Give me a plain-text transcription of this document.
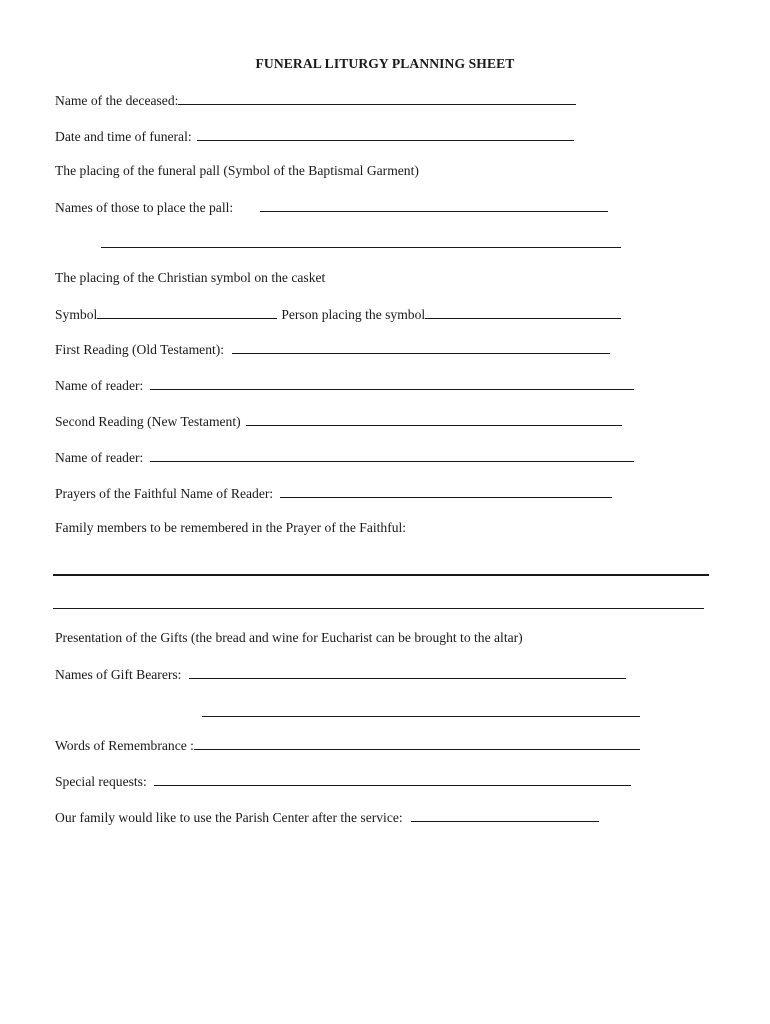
FUNERAL LITURGY PLANNING SHEET
Name of the deceased:
Date and time of funeral:
The placing of the funeral pall (Symbol of the Baptismal Garment)
Names of those to place the pall:
The placing of the Christian symbol on the casket
Symbol	Person placing the symbol
First Reading (Old Testament):
Name of reader:
Second Reading (New Testament)
Name of reader:
Prayers of the Faithful Name of Reader:
Family members to be remembered in the Prayer of the Faithful:
Presentation of the Gifts (the bread and wine for Eucharist can be brought to the altar)
Names of Gift Bearers:
Words of Remembrance :
Special requests:
Our family would like to use the Parish Center after the service:
